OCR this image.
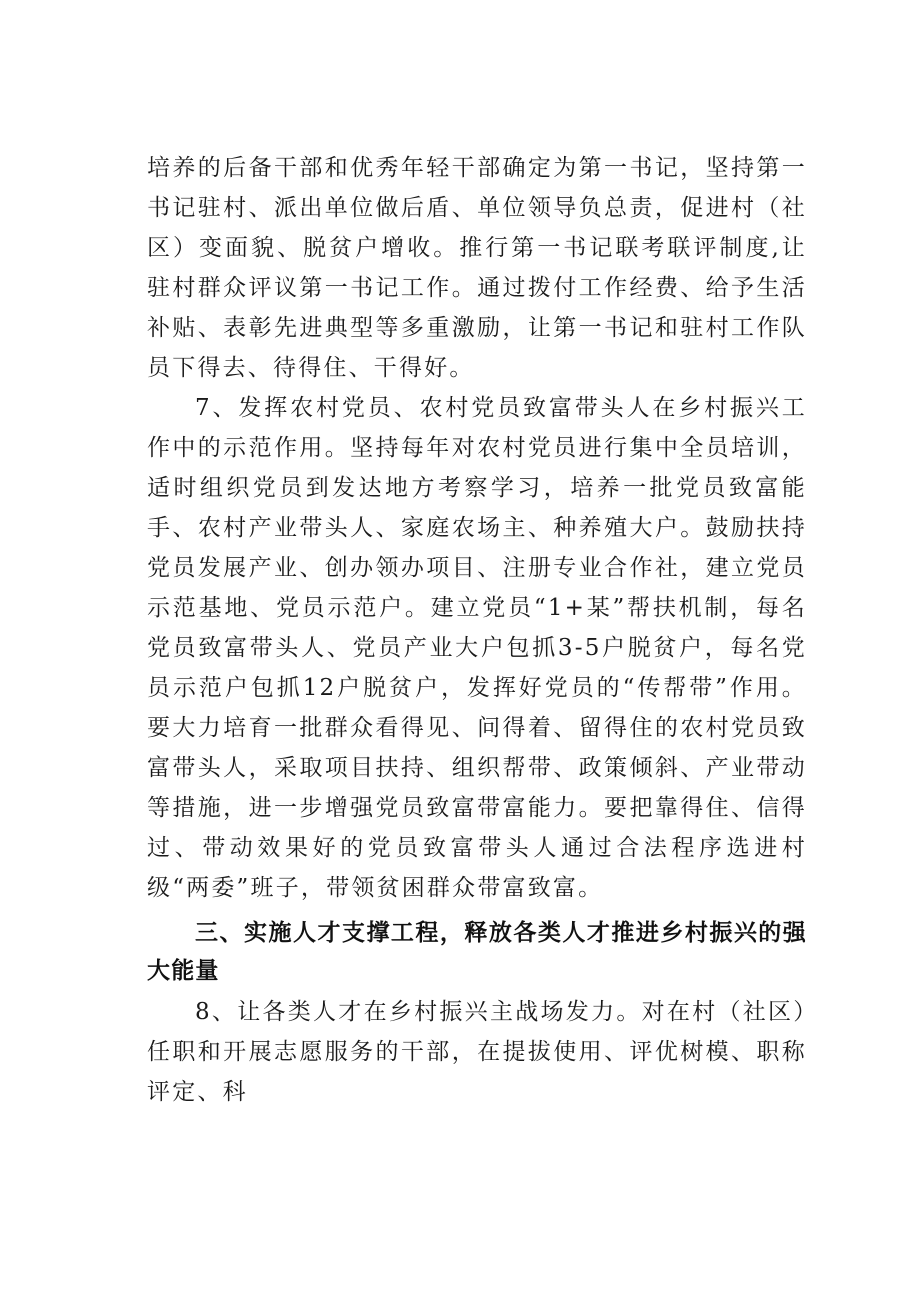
培养的后备干部和优秀年轻干部确定为第一书记，坚持第一书记驻村、派出单位做后盾、单位领导负总责，促进村（社区）变面貌、脱贫户增收。推行第一书记联考联评制度,让驻村群众评议第一书记工作。通过拨付工作经费、给予生活补贴、表彰先进典型等多重激励，让第一书记和驻村工作队员下得去、待得住、干得好。

7、发挥农村党员、农村党员致富带头人在乡村振兴工作中的示范作用。坚持每年对农村党员进行集中全员培训，适时组织党员到发达地方考察学习，培养一批党员致富能手、农村产业带头人、家庭农场主、种养殖大户。鼓励扶持党员发展产业、创办领办项目、注册专业合作社，建立党员示范基地、党员示范户。建立党员“1+某”帮扶机制，每名党员致富带头人、党员产业大户包抓3-5户脱贫户，每名党员示范户包抓12户脱贫户，发挥好党员的“传帮带”作用。要大力培育一批群众看得见、问得着、留得住的农村党员致富带头人，采取项目扶持、组织帮带、政策倾斜、产业带动等措施，进一步增强党员致富带富能力。要把靠得住、信得过、带动效果好的党员致富带头人通过合法程序选进村级“两委”班子，带领贫困群众带富致富。

三、实施人才支撑工程，释放各类人才推进乡村振兴的强大能量

8、让各类人才在乡村振兴主战场发力。对在村（社区）任职和开展志愿服务的干部，在提拔使用、评优树模、职称评定、科
